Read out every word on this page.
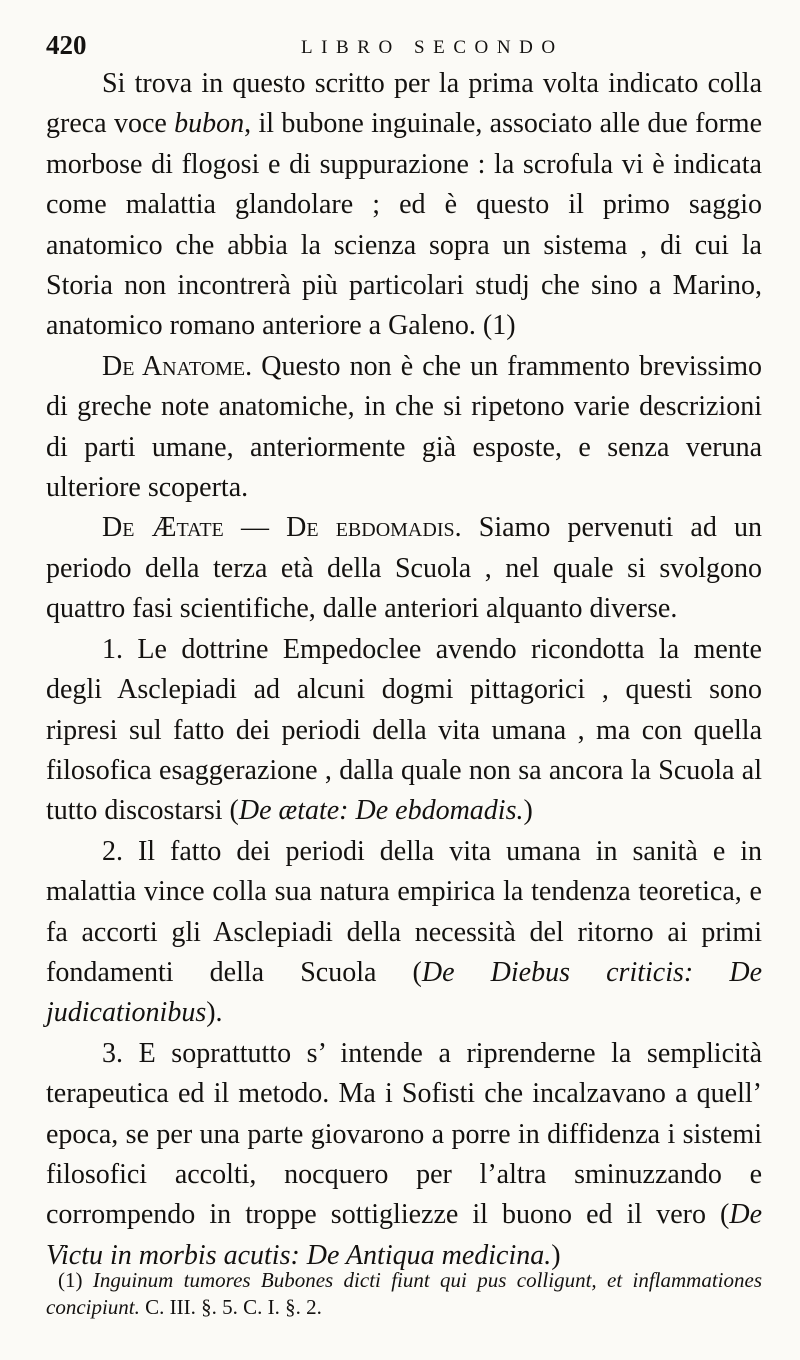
420	LIBRO SECONDO

Si trova in questo scritto per la prima volta indicato colla greca voce bubon, il bubone inguinale, associato alle due forme morbose di flogosi e di suppurazione : la scrofula vi è indicata come malattia glandolare ; ed è questo il primo saggio anatomico che abbia la scienza sopra un sistema , di cui la Storia non incontrerà più particolari studj che sino a Marino, anatomico romano anteriore a Galeno. (1)

De Anatome. Questo non è che un frammento brevissimo di greche note anatomiche, in che si ripetono varie descrizioni di parti umane, anteriormente già esposte, e senza veruna ulteriore scoperta.

De Ætate — De ebdomadis. Siamo pervenuti ad un periodo della terza età della Scuola , nel quale si svolgono quattro fasi scientifiche, dalle anteriori alquanto diverse.

1. Le dottrine Empedoclee avendo ricondotta la mente degli Asclepiadi ad alcuni dogmi pittagorici , questi sono ripresi sul fatto dei periodi della vita umana , ma con quella filosofica esaggerazione , dalla quale non sa ancora la Scuola al tutto discostarsi (De ætate: De ebdomadis.)

2. Il fatto dei periodi della vita umana in sanità e in malattia vince colla sua natura empirica la tendenza teoretica, e fa accorti gli Asclepiadi della necessità del ritorno ai primi fondamenti della Scuola (De Diebus criticis: De judicationibus).

3. E soprattutto s’ intende a riprenderne la semplicità terapeutica ed il metodo. Ma i Sofisti che incalzavano a quell’ epoca, se per una parte giovarono a porre in diffidenza i sistemi filosofici accolti, nocquero per l’altra sminuzzando e corrompendo in troppe sottigliezze il buono ed il vero (De Victu in morbis acutis: De Antiqua medicina.)

(1) Inguinum tumores Bubones dicti fiunt qui pus colligunt, et inflammationes concipiunt. C. III. §. 5. C. I. §. 2.
